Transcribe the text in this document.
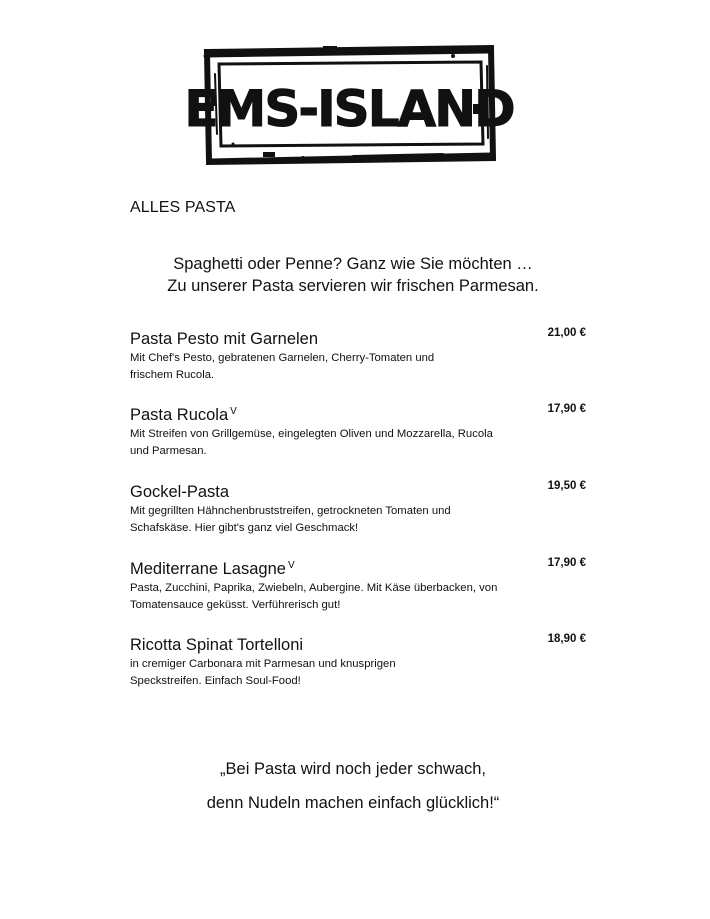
EMS-ISLAND
ALLES PASTA
Spaghetti oder Penne? Ganz wie Sie möchten …
Zu unserer Pasta servieren wir frischen Parmesan.
Pasta Pesto mit Garnelen	21,00 €
Mit Chef's Pesto, gebratenen Garnelen, Cherry-Tomaten und
frischem Rucola.
Pasta Rucola $^V$	17,90 €
Mit Streifen von Grillgemüse, eingelegten Oliven und Mozzarella, Rucola
und Parmesan.
Gockel-Pasta	19,50 €
Mit gegrillten Hähnchenbruststreifen, getrockneten Tomaten und
Schafskäse. Hier gibt's ganz viel Geschmack!
Mediterrane Lasagne $^V$	17,90 €
Pasta, Zucchini, Paprika, Zwiebeln, Aubergine. Mit Käse überbacken, von
Tomatensauce geküsst. Verführerisch gut!
Ricotta Spinat Tortelloni	18,90 €
in cremiger Carbonara mit Parmesan und knusprigen
Speckstreifen. Einfach Soul-Food!
„Bei Pasta wird noch jeder schwach,
denn Nudeln machen einfach glücklich!“
